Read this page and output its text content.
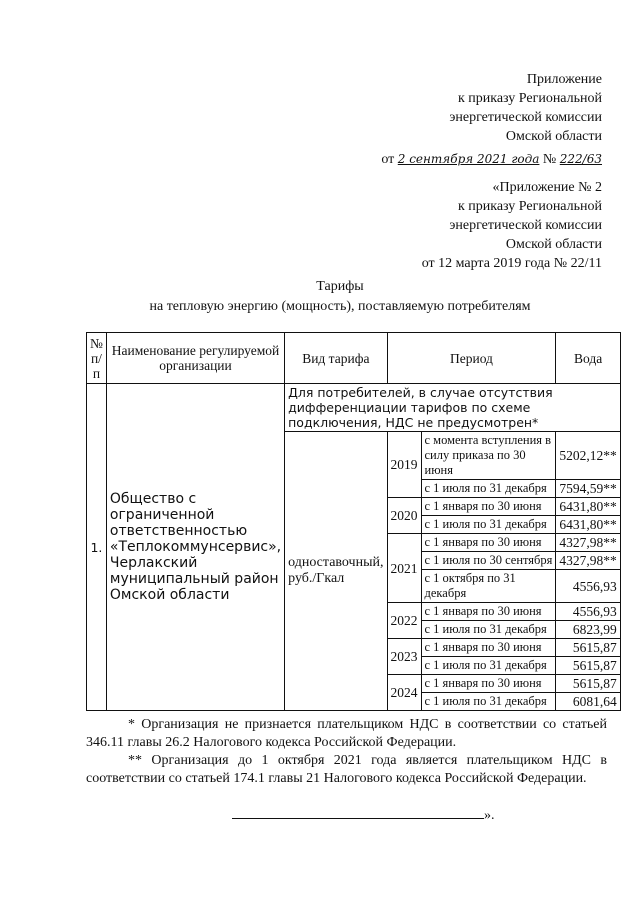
Приложение
к приказу Региональной
энергетической комиссии
Омской области
от 2 сентября 2021 года № 222/63
«Приложение № 2
к приказу Региональной
энергетической комиссии
Омской области
от 12 марта 2019 года № 22/11
Тарифы
на тепловую энергию (мощность), поставляемую потребителям
№ п/п	Наименование регулируемой организации	Вид тарифа	Период		Вода
1.	Общество с ограниченной ответственностью «Теплокоммунсервис», Черлакский муниципальный район Омской области	Для потребителей, в случае отсутствия дифференциации тарифов по схеме подключения, НДС не предусмотрен*			
		одноставочный, руб./Гкал	2019	с момента вступления в силу приказа по 30 июня	5202,12**
				с 1 июля по 31 декабря	7594,59**
			2020	с 1 января по 30 июня	6431,80**
				с 1 июля по 31 декабря	6431,80**
			2021	с 1 января по 30 июня	4327,98**
				с 1 июля по 30 сентября	4327,98**
				с 1 октября по 31 декабря	4556,93
			2022	с 1 января по 30 июня	4556,93
				с 1 июля по 31 декабря	6823,99
			2023	с 1 января по 30 июня	5615,87
				с 1 июля по 31 декабря	5615,87
			2024	с 1 января по 30 июня	5615,87
				с 1 июля по 31 декабря	6081,64

* Организация не признается плательщиком НДС в соответствии со статьей 346.11 главы 26.2 Налогового кодекса Российской Федерации.

** Организация до 1 октября 2021 года является плательщиком НДС в соответствии со статьей 174.1 главы 21 Налогового кодекса Российской Федерации.

».
